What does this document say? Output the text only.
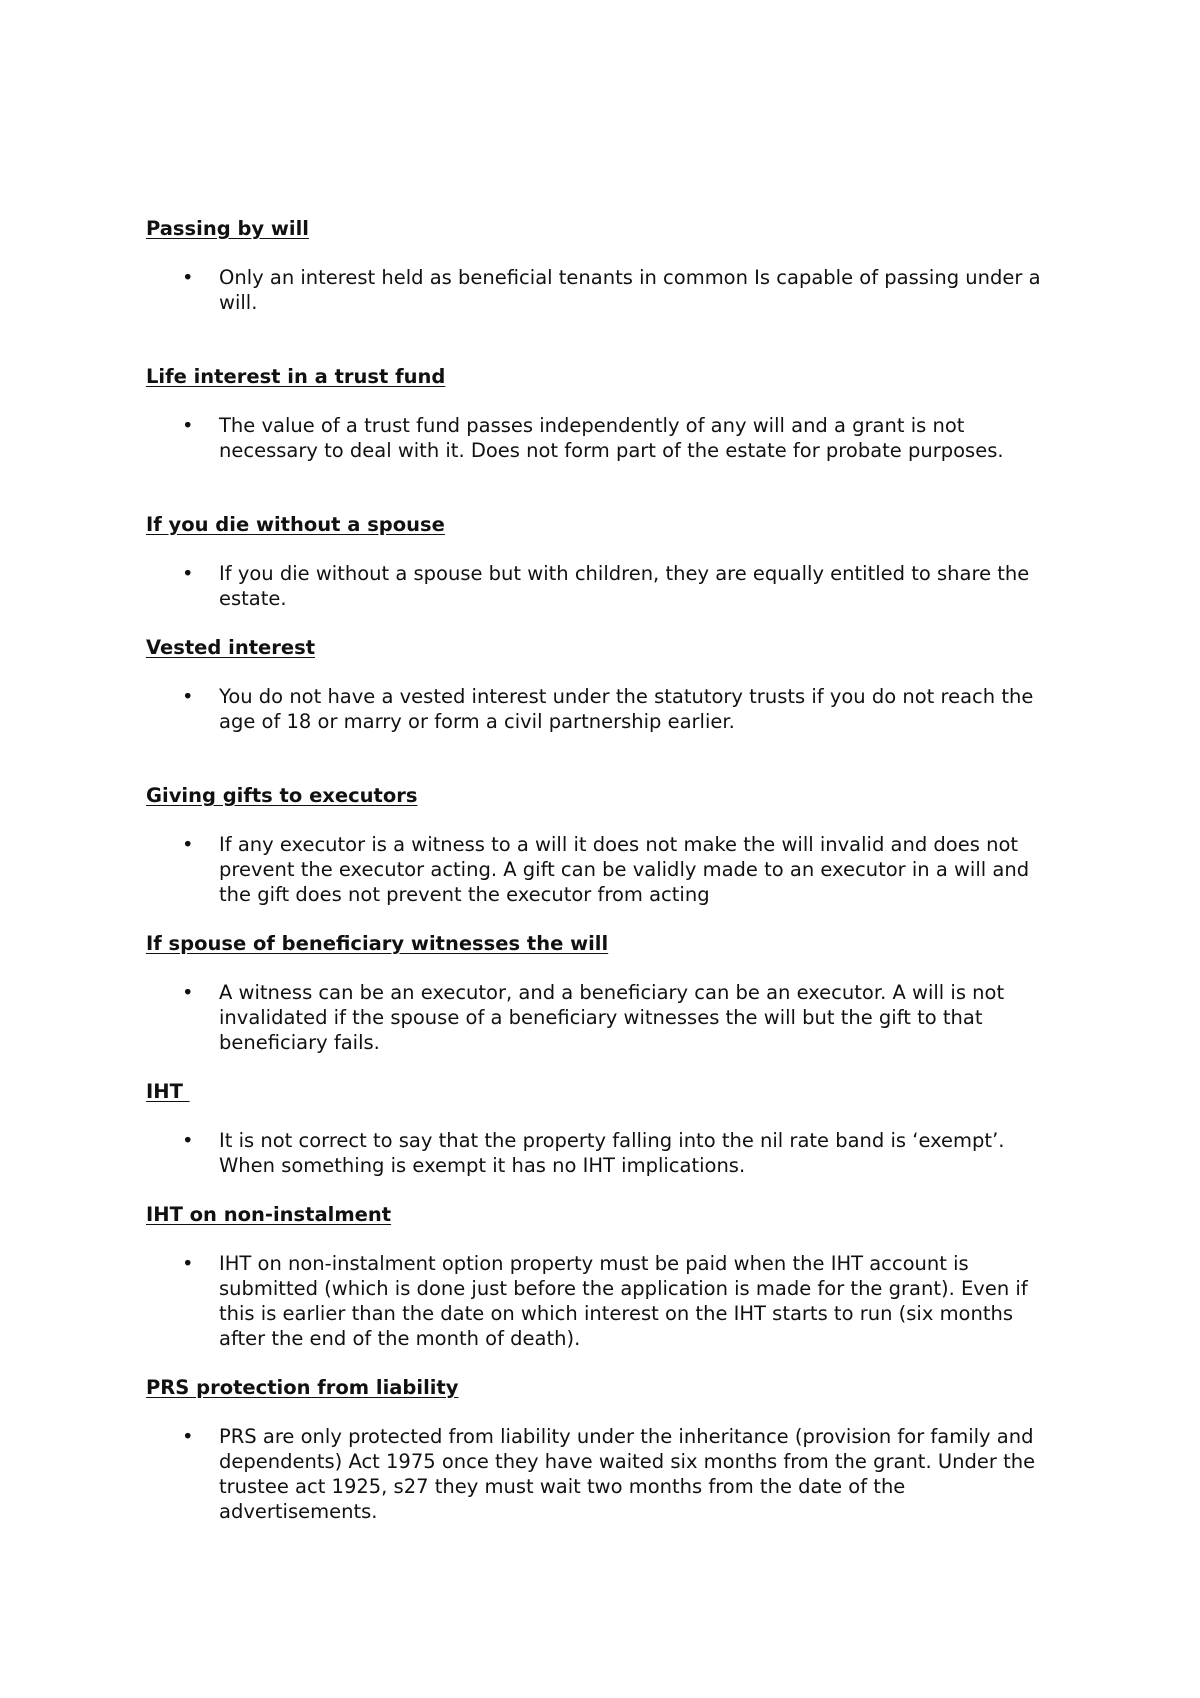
Passing by will
• Only an interest held as beneficial tenants in common Is capable of passing under a will.
Life interest in a trust fund
• The value of a trust fund passes independently of any will and a grant is not necessary to deal with it. Does not form part of the estate for probate purposes.
If you die without a spouse
• If you die without a spouse but with children, they are equally entitled to share the estate.
Vested interest
• You do not have a vested interest under the statutory trusts if you do not reach the age of 18 or marry or form a civil partnership earlier.
Giving gifts to executors
• If any executor is a witness to a will it does not make the will invalid and does not prevent the executor acting. A gift can be validly made to an executor in a will and the gift does not prevent the executor from acting
If spouse of beneficiary witnesses the will
• A witness can be an executor, and a beneficiary can be an executor. A will is not invalidated if the spouse of a beneficiary witnesses the will but the gift to that beneficiary fails.
IHT
• It is not correct to say that the property falling into the nil rate band is ‘exempt’. When something is exempt it has no IHT implications.
IHT on non-instalment
• IHT on non-instalment option property must be paid when the IHT account is submitted (which is done just before the application is made for the grant). Even if this is earlier than the date on which interest on the IHT starts to run (six months after the end of the month of death).
PRS protection from liability
• PRS are only protected from liability under the inheritance (provision for family and dependents) Act 1975 once they have waited six months from the grant. Under the trustee act 1925, s27 they must wait two months from the date of the advertisements.
